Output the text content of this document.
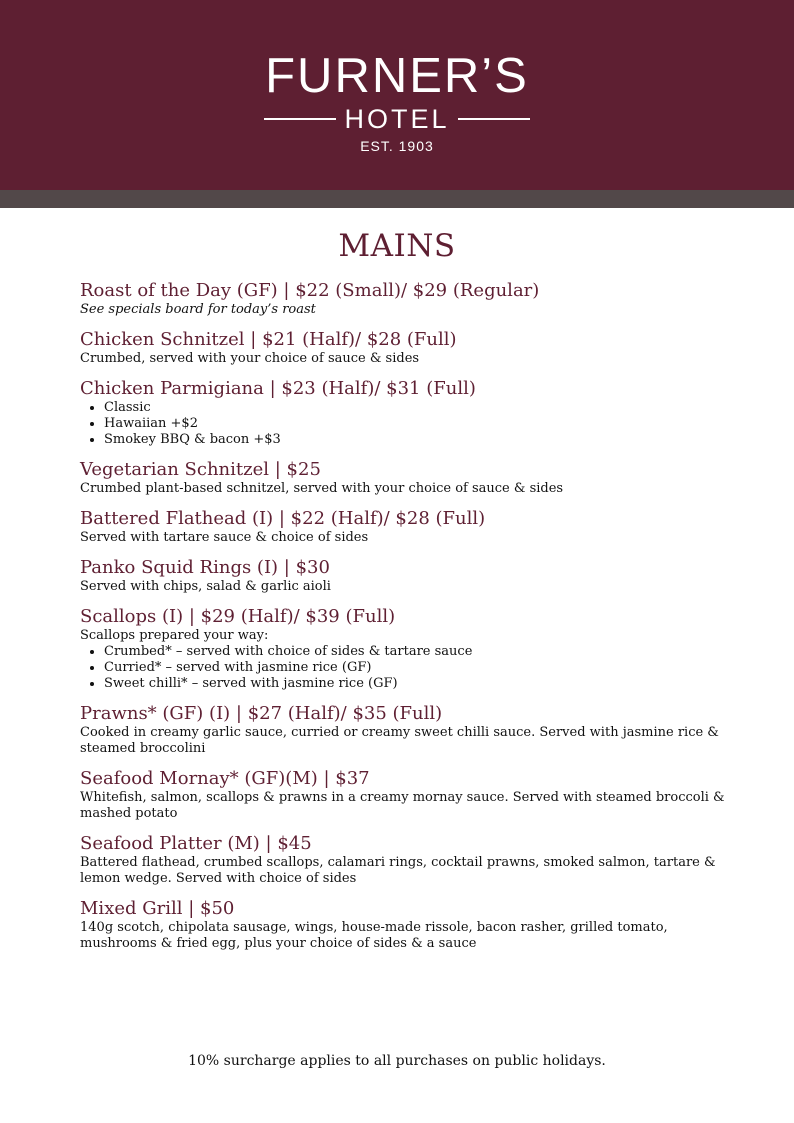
FURNER’S
HOTEL
EST. 1903
MAINS
Roast of the Day (GF) | $22 (Small)/ $29 (Regular)
See specials board for today’s roast
Chicken Schnitzel | $21 (Half)/ $28 (Full)
Crumbed, served with your choice of sauce & sides
Chicken Parmigiana | $23 (Half)/ $31 (Full)
• Classic
• Hawaiian +$2
• Smokey BBQ & bacon +$3
Vegetarian Schnitzel | $25
Crumbed plant-based schnitzel, served with your choice of sauce & sides
Battered Flathead (I) | $22 (Half)/ $28 (Full)
Served with tartare sauce & choice of sides
Panko Squid Rings (I) | $30
Served with chips, salad & garlic aioli
Scallops (I) | $29 (Half)/ $39 (Full)
Scallops prepared your way:
• Crumbed* – served with choice of sides & tartare sauce
• Curried* – served with jasmine rice (GF)
• Sweet chilli* – served with jasmine rice (GF)
Prawns* (GF) (I) | $27 (Half)/ $35 (Full)
Cooked in creamy garlic sauce, curried or creamy sweet chilli sauce. Served with jasmine rice & steamed broccolini
Seafood Mornay* (GF)(M) | $37
Whitefish, salmon, scallops & prawns in a creamy mornay sauce. Served with steamed broccoli & mashed potato
Seafood Platter (M) | $45
Battered flathead, crumbed scallops, calamari rings, cocktail prawns, smoked salmon, tartare & lemon wedge. Served with choice of sides
Mixed Grill | $50
140g scotch, chipolata sausage, wings, house-made rissole, bacon rasher, grilled tomato, mushrooms & fried egg, plus your choice of sides & a sauce
10% surcharge applies to all purchases on public holidays.
